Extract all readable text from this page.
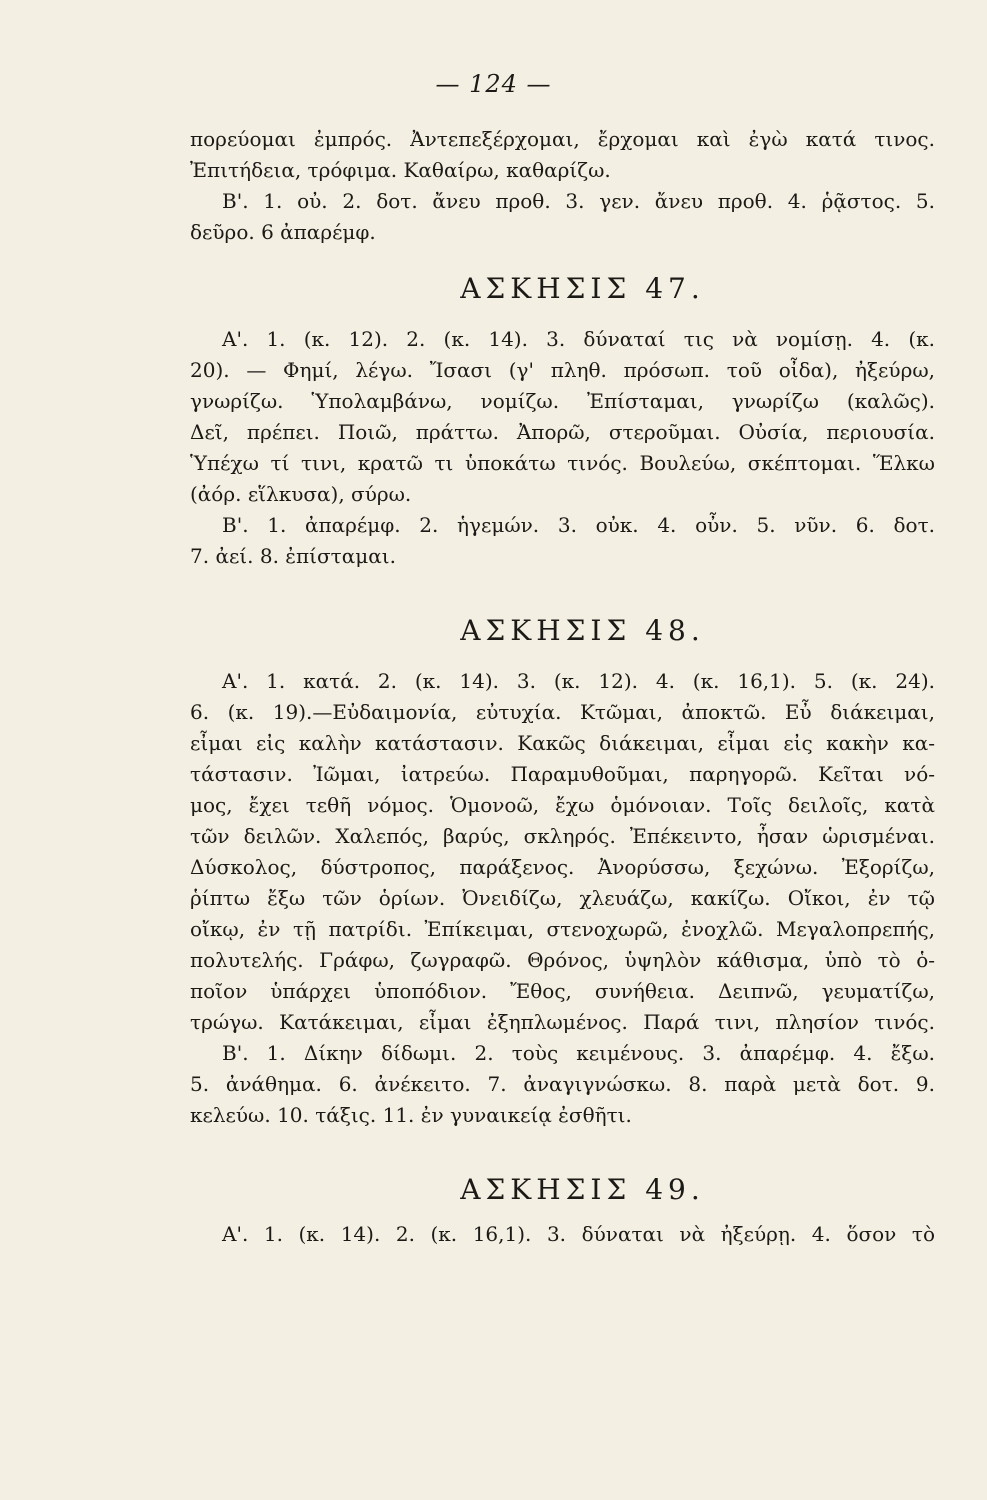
— 124 —
πορεύομαι ἐμπρός. Ἀντεπεξέρχομαι, ἔρχομαι καὶ ἐγὼ κατά τινος.
Ἐπιτήδεια, τρόφιμα. Καθαίρω, καθαρίζω.
Β'. 1. οὐ. 2. δοτ. ἄνευ προθ. 3. γεν. ἄνευ προθ. 4. ῥᾷστος. 5.
δεῦρο. 6 ἀπαρέμφ.
ΑΣΚΗΣΙΣ 47.
Α'. 1. (κ. 12). 2. (κ. 14). 3. δύναταί τις νὰ νομίσῃ. 4. (κ.
20). — Φημί, λέγω. Ἴσασι (γ' πληθ. πρόσωπ. τοῦ οἶδα), ἠξεύρω,
γνωρίζω. Ὑπολαμβάνω, νομίζω. Ἐπίσταμαι, γνωρίζω (καλῶς).
Δεῖ, πρέπει. Ποιῶ, πράττω. Ἀπορῶ, στεροῦμαι. Οὐσία, περιουσία.
Ὑπέχω τί τινι, κρατῶ τι ὑποκάτω τινός. Βουλεύω, σκέπτομαι. Ἕλκω
(ἀόρ. εἵλκυσα), σύρω.
Β'. 1. ἀπαρέμφ. 2. ἡγεμών. 3. οὐκ. 4. οὖν. 5. νῦν. 6. δοτ.
7. ἀεί. 8. ἐπίσταμαι.
ΑΣΚΗΣΙΣ 48.
Α'. 1. κατά. 2. (κ. 14). 3. (κ. 12). 4. (κ. 16,1). 5. (κ. 24).
6. (κ. 19).—Εὐδαιμονία, εὐτυχία. Κτῶμαι, ἀποκτῶ. Εὖ διάκειμαι,
εἶμαι εἰς καλὴν κατάστασιν. Κακῶς διάκειμαι, εἶμαι εἰς κακὴν κα-
τάστασιν. Ἰῶμαι, ἰατρεύω. Παραμυθοῦμαι, παρηγορῶ. Κεῖται νό-
μος, ἔχει τεθῆ νόμος. Ὁμονοῶ, ἔχω ὁμόνοιαν. Τοῖς δειλοῖς, κατὰ
τῶν δειλῶν. Χαλεπός, βαρύς, σκληρός. Ἐπέκειντο, ἦσαν ὡρισμέναι.
Δύσκολος, δύστροπος, παράξενος. Ἀνορύσσω, ξεχώνω. Ἐξορίζω,
ῥίπτω ἔξω τῶν ὁρίων. Ὀνειδίζω, χλευάζω, κακίζω. Οἴκοι, ἐν τῷ
οἴκῳ, ἐν τῇ πατρίδι. Ἐπίκειμαι, στενοχωρῶ, ἐνοχλῶ. Μεγαλοπρεπής,
πολυτελής. Γράφω, ζωγραφῶ. Θρόνος, ὑψηλὸν κάθισμα, ὑπὸ τὸ ὁ-
ποῖον ὑπάρχει ὑποπόδιον. Ἔθος, συνήθεια. Δειπνῶ, γευματίζω,
τρώγω. Κατάκειμαι, εἶμαι ἐξηπλωμένος. Παρά τινι, πλησίον τινός.
Β'. 1. Δίκην δίδωμι. 2. τοὺς κειμένους. 3. ἀπαρέμφ. 4. ἔξω.
5. ἀνάθημα. 6. ἀνέκειτο. 7. ἀναγιγνώσκω. 8. παρὰ μετὰ δοτ. 9.
κελεύω. 10. τάξις. 11. ἐν γυναικείᾳ ἐσθῆτι.
ΑΣΚΗΣΙΣ 49.
Α'. 1. (κ. 14). 2. (κ. 16,1). 3. δύναται νὰ ἠξεύρῃ. 4. ὅσον τὸ
